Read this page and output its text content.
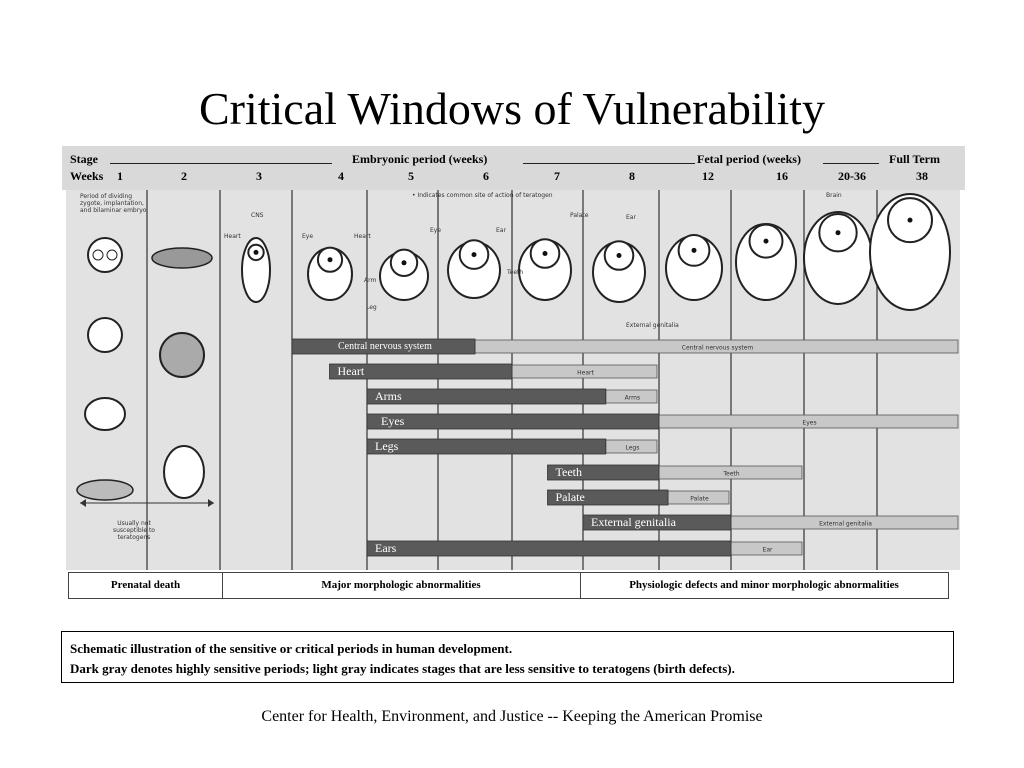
Critical Windows of Vulnerability
Central nervous system
Heart
Arms
Eyes
Legs
Teeth
Palate
External genitalia
Ear
Stage	Embryonic period (weeks)	Fetal period (weeks)	Full Term
Weeks	1	2	3	4	5	6	7	8	12	16	20-36	38
Period of dividing zygote, implantation, and bilaminar embryo
• Indicates common site of action of teratogen
Usually not susceptible to teratogens
CNS
Heart	Eye	Heart
Eye
Arm
Leg
Ear
Teeth
Palate	Ear
External genitalia
Brain
Central nervous system
Heart
Arms
Eyes
Legs
Teeth
Palate
External genitalia
Ears
Prenatal death	Major morphologic abnormalities	Physiologic defects and minor morphologic abnormalities
Schematic illustration of the sensitive or critical periods in human development.
Dark gray denotes highly sensitive periods; light gray indicates stages that are less sensitive to teratogens (birth defects).
Center for Health, Environment, and Justice -- Keeping the American Promise
